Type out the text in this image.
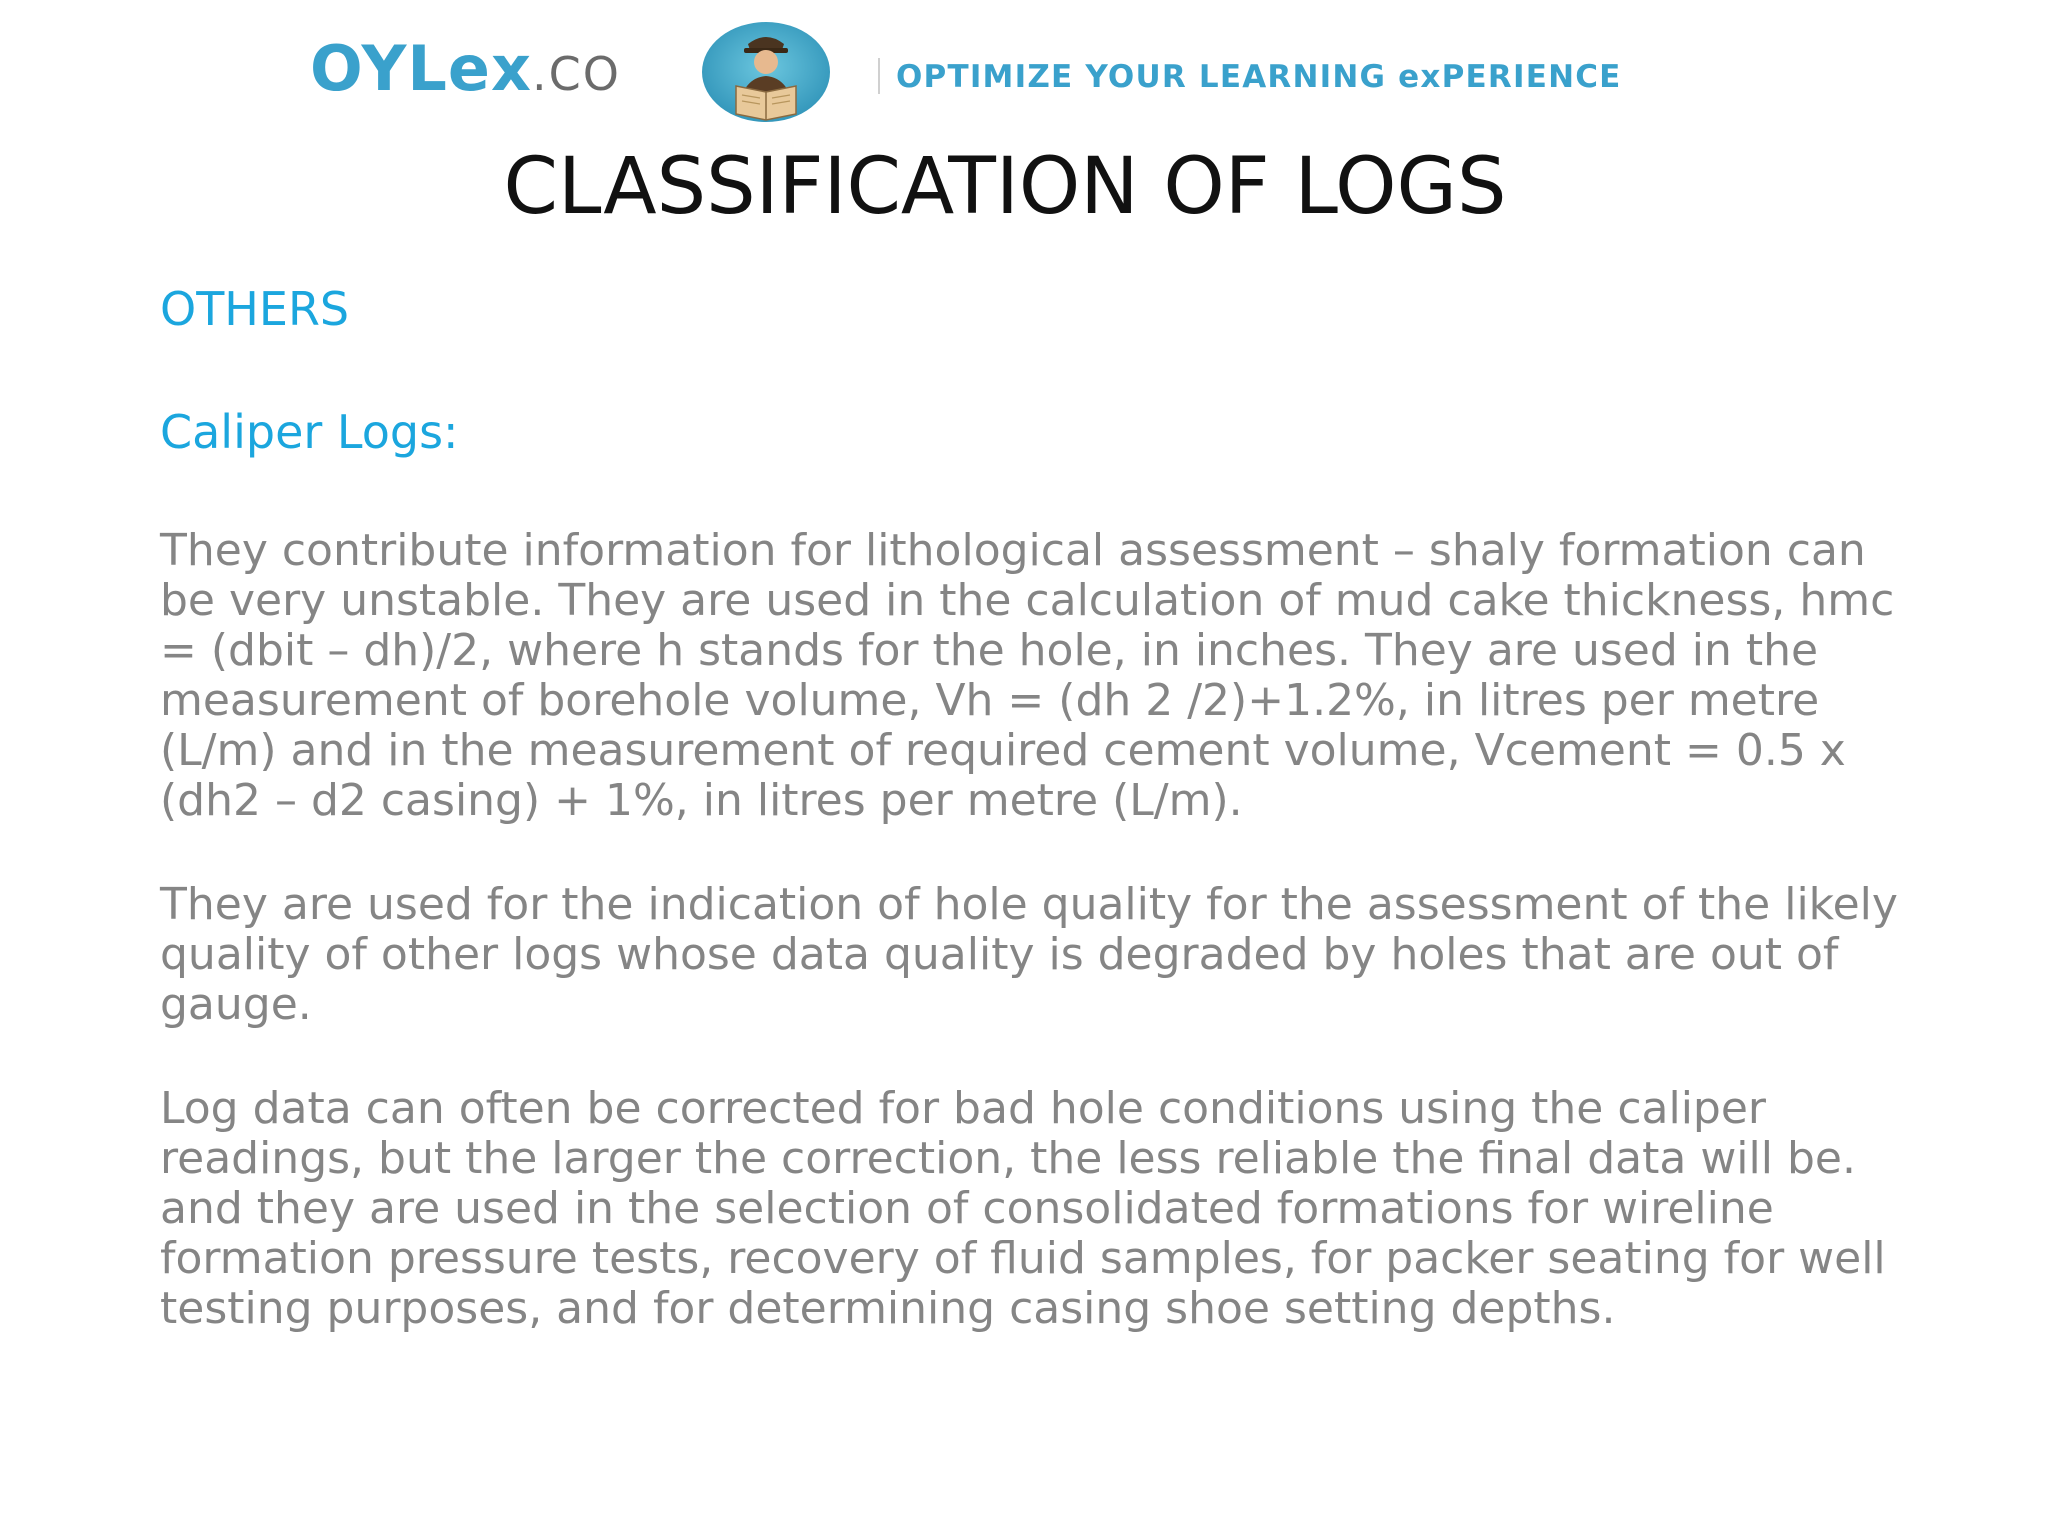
OYLex.CO	OPTIMIZE YOUR LEARNING exPERIENCE
CLASSIFICATION OF LOGS

OTHERS

Caliper Logs:

They contribute information for lithological assessment – shaly formation can be very unstable. They are used in the calculation of mud cake thickness, hmc = (dbit – dh)/2, where h stands for the hole, in inches. They are used in the measurement of borehole volume, Vh = (dh 2 /2)+1.2%, in litres per metre (L/m) and in the measurement of required cement volume, Vcement = 0.5 x (dh2 – d2 casing) + 1%, in litres per metre (L/m).

They are used for the indication of hole quality for the assessment of the likely quality of other logs whose data quality is degraded by holes that are out of gauge.

Log data can often be corrected for bad hole conditions using the caliper readings, but the larger the correction, the less reliable the final data will be. and they are used in the selection of consolidated formations for wireline formation pressure tests, recovery of fluid samples, for packer seating for well testing purposes, and for determining casing shoe setting depths.
